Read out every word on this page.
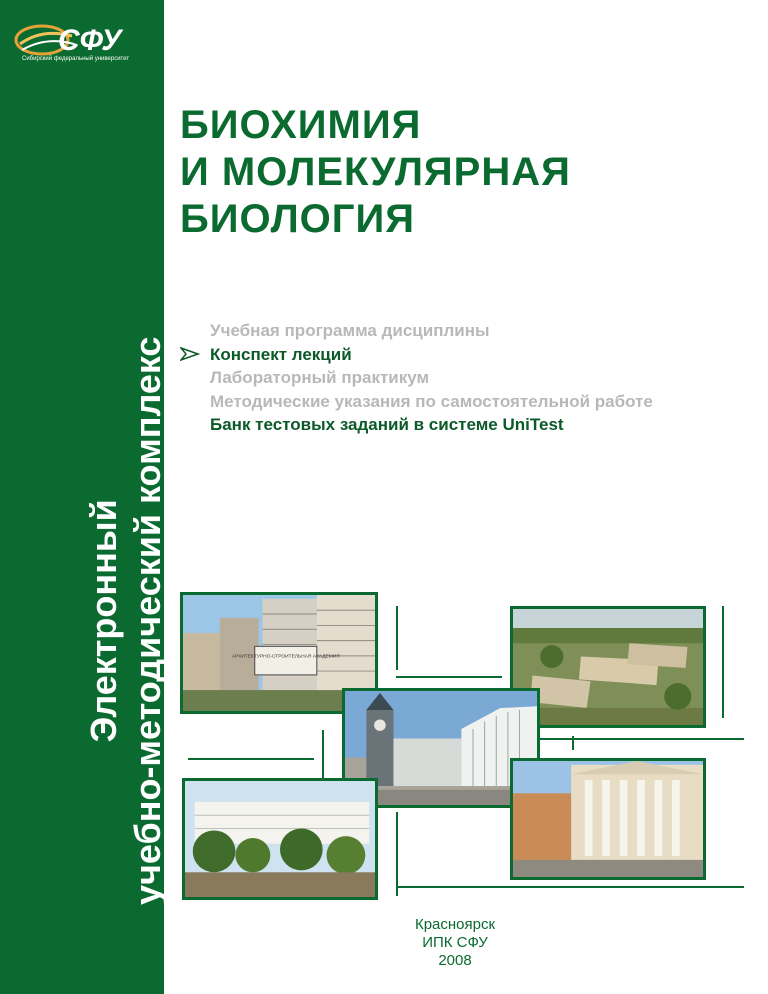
СФУ
Сибирский федеральный университет
Электронный учебно-методический комплекс
БИОХИМИЯ
И МОЛЕКУЛЯРНАЯ
БИОЛОГИЯ
Учебная программа дисциплины
Конспект лекций
Лабораторный практикум
Методические указания по самостоятельной работе
Банк тестовых заданий в системе UniTest
АРХИТЕКТУРНО-СТРОИТЕЛЬНАЯ АКАДЕМИЯ
Красноярск
ИПК СФУ
2008
